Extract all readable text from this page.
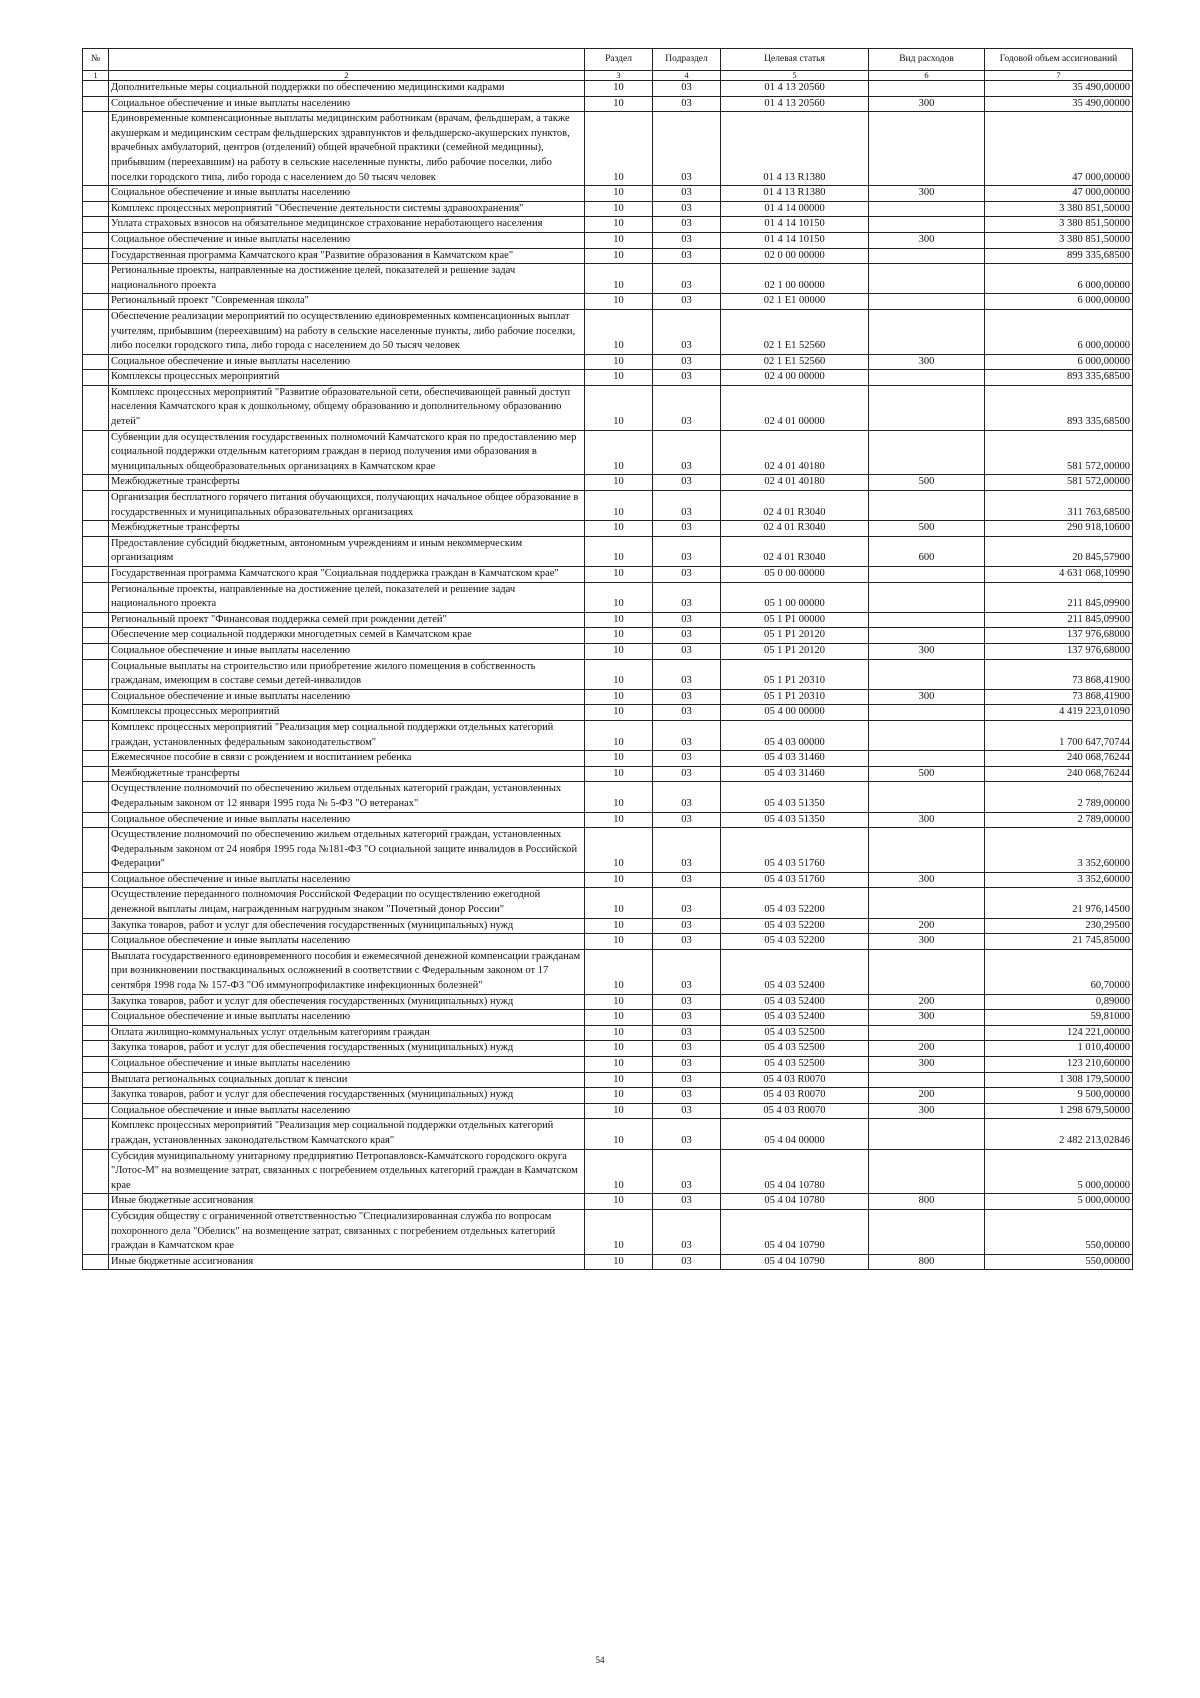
№		Раздел	Подраздел	Целевая статья	Вид расходов	Годовой объем ассигнований
1	2	3	4	5	6	7
	Дополнительные меры социальной поддержки по обеспечению медицинскими кадрами	10	03	01 4 13 20560		35 490,00000
	Социальное обеспечение и иные выплаты населению	10	03	01 4 13 20560	300	35 490,00000
	Единовременные компенсационные выплаты медицинским работникам (врачам, фельдшерам, а также акушеркам и медицинским сестрам фельдшерских здравпунктов и фельдшерско-акушерских пунктов, врачебных амбулаторий, центров (отделений) общей врачебной практики (семейной медицины), прибывшим (переехавшим) на работу в сельские населенные пункты, либо рабочие поселки, либо поселки городского типа, либо города с населением до 50 тысяч человек	10	03	01 4 13 R1380		47 000,00000
	Социальное обеспечение и иные выплаты населению	10	03	01 4 13 R1380	300	47 000,00000
	Комплекс процессных мероприятий "Обеспечение деятельности системы здравоохранения"	10	03	01 4 14 00000		3 380 851,50000
	Уплата страховых взносов на обязательное медицинское страхование неработающего населения	10	03	01 4 14 10150		3 380 851,50000
	Социальное обеспечение и иные выплаты населению	10	03	01 4 14 10150	300	3 380 851,50000
	Государственная программа Камчатского края "Развитие образования в Камчатском крае"	10	03	02 0 00 00000		899 335,68500
	Региональные проекты, направленные на достижение целей, показателей и решение задач национального проекта	10	03	02 1 00 00000		6 000,00000
	Региональный проект "Современная школа"	10	03	02 1 E1 00000		6 000,00000
	Обеспечение реализации мероприятий по осуществлению единовременных компенсационных выплат учителям, прибывшим (переехавшим) на работу в сельские населенные пункты, либо рабочие поселки, либо поселки городского типа, либо города с населением до 50 тысяч человек	10	03	02 1 E1 52560		6 000,00000
	Социальное обеспечение и иные выплаты населению	10	03	02 1 E1 52560	300	6 000,00000
	Комплексы процессных мероприятий	10	03	02 4 00 00000		893 335,68500
	Комплекс процессных мероприятий "Развитие образовательной сети, обеспечивающей равный доступ населения Камчатского края к дошкольному, общему образованию и дополнительному образованию детей"	10	03	02 4 01 00000		893 335,68500
	Субвенции для осуществления государственных полномочий Камчатского края по предоставлению мер социальной поддержки отдельным категориям граждан в период получения ими образования в муниципальных общеобразовательных организациях в Камчатском крае	10	03	02 4 01 40180		581 572,00000
	Межбюджетные трансферты	10	03	02 4 01 40180	500	581 572,00000
	Организация бесплатного горячего питания обучающихся, получающих начальное общее образование в государственных и муниципальных образовательных организациях	10	03	02 4 01 R3040		311 763,68500
	Межбюджетные трансферты	10	03	02 4 01 R3040	500	290 918,10600
	Предоставление субсидий бюджетным, автономным учреждениям и иным некоммерческим организациям	10	03	02 4 01 R3040	600	20 845,57900
	Государственная программа Камчатского края "Социальная поддержка граждан в Камчатском крае"	10	03	05 0 00 00000		4 631 068,10990
	Региональные проекты, направленные на достижение целей, показателей и решение задач национального проекта	10	03	05 1 00 00000		211 845,09900
	Региональный проект "Финансовая поддержка семей при рождении детей"	10	03	05 1 P1 00000		211 845,09900
	Обеспечение мер социальной поддержки многодетных семей в Камчатском крае	10	03	05 1 P1 20120		137 976,68000
	Социальное обеспечение и иные выплаты населению	10	03	05 1 P1 20120	300	137 976,68000
	Социальные выплаты на строительство или приобретение жилого помещения в собственность гражданам, имеющим в составе семьи детей-инвалидов	10	03	05 1 P1 20310		73 868,41900
	Социальное обеспечение и иные выплаты населению	10	03	05 1 P1 20310	300	73 868,41900
	Комплексы процессных мероприятий	10	03	05 4 00 00000		4 419 223,01090
	Комплекс процессных мероприятий "Реализация мер социальной поддержки отдельных категорий граждан, установленных федеральным законодательством"	10	03	05 4 03 00000		1 700 647,70744
	Ежемесячное пособие в связи с рождением и воспитанием ребенка	10	03	05 4 03 31460		240 068,76244
	Межбюджетные трансферты	10	03	05 4 03 31460	500	240 068,76244
	Осуществление полномочий по обеспечению жильем отдельных категорий граждан, установленных Федеральным законом от 12 января 1995 года № 5-ФЗ "О ветеранах"	10	03	05 4 03 51350		2 789,00000
	Социальное обеспечение и иные выплаты населению	10	03	05 4 03 51350	300	2 789,00000
	Осуществление полномочий по обеспечению жильем отдельных категорий граждан, установленных Федеральным законом от 24 ноября 1995 года №181-ФЗ "О социальной защите инвалидов в Российской Федерации"	10	03	05 4 03 51760		3 352,60000
	Социальное обеспечение и иные выплаты населению	10	03	05 4 03 51760	300	3 352,60000
	Осуществление переданного полномочия Российской Федерации по осуществлению ежегодной денежной выплаты лицам, награжденным нагрудным знаком "Почетный донор России"	10	03	05 4 03 52200		21 976,14500
	Закупка товаров, работ и услуг для обеспечения государственных (муниципальных) нужд	10	03	05 4 03 52200	200	230,29500
	Социальное обеспечение и иные выплаты населению	10	03	05 4 03 52200	300	21 745,85000
	Выплата государственного единовременного пособия и ежемесячной денежной компенсации гражданам при возникновении поствакцинальных осложнений в соответствии с Федеральным законом от 17 сентября 1998 года № 157-ФЗ "Об иммунопрофилактике инфекционных болезней"	10	03	05 4 03 52400		60,70000
	Закупка товаров, работ и услуг для обеспечения государственных (муниципальных) нужд	10	03	05 4 03 52400	200	0,89000
	Социальное обеспечение и иные выплаты населению	10	03	05 4 03 52400	300	59,81000
	Оплата жилищно-коммунальных услуг отдельным категориям граждан	10	03	05 4 03 52500		124 221,00000
	Закупка товаров, работ и услуг для обеспечения государственных (муниципальных) нужд	10	03	05 4 03 52500	200	1 010,40000
	Социальное обеспечение и иные выплаты населению	10	03	05 4 03 52500	300	123 210,60000
	Выплата региональных социальных доплат к пенсии	10	03	05 4 03 R0070		1 308 179,50000
	Закупка товаров, работ и услуг для обеспечения государственных (муниципальных) нужд	10	03	05 4 03 R0070	200	9 500,00000
	Социальное обеспечение и иные выплаты населению	10	03	05 4 03 R0070	300	1 298 679,50000
	Комплекс процессных мероприятий "Реализация мер социальной поддержки отдельных категорий граждан, установленных законодательством Камчатского края"	10	03	05 4 04 00000		2 482 213,02846
	Субсидия муниципальному унитарному предприятию Петропавловск-Камчатского городского округа "Лотос-М" на возмещение затрат, связанных с погребением отдельных категорий граждан в Камчатском крае	10	03	05 4 04 10780		5 000,00000
	Иные бюджетные ассигнования	10	03	05 4 04 10780	800	5 000,00000
	Субсидия обществу с ограниченной ответственностью "Специализированная служба по вопросам похоронного дела "Обелиск" на возмещение затрат, связанных с погребением отдельных категорий граждан в Камчатском крае	10	03	05 4 04 10790		550,00000
	Иные бюджетные ассигнования	10	03	05 4 04 10790	800	550,00000
54
